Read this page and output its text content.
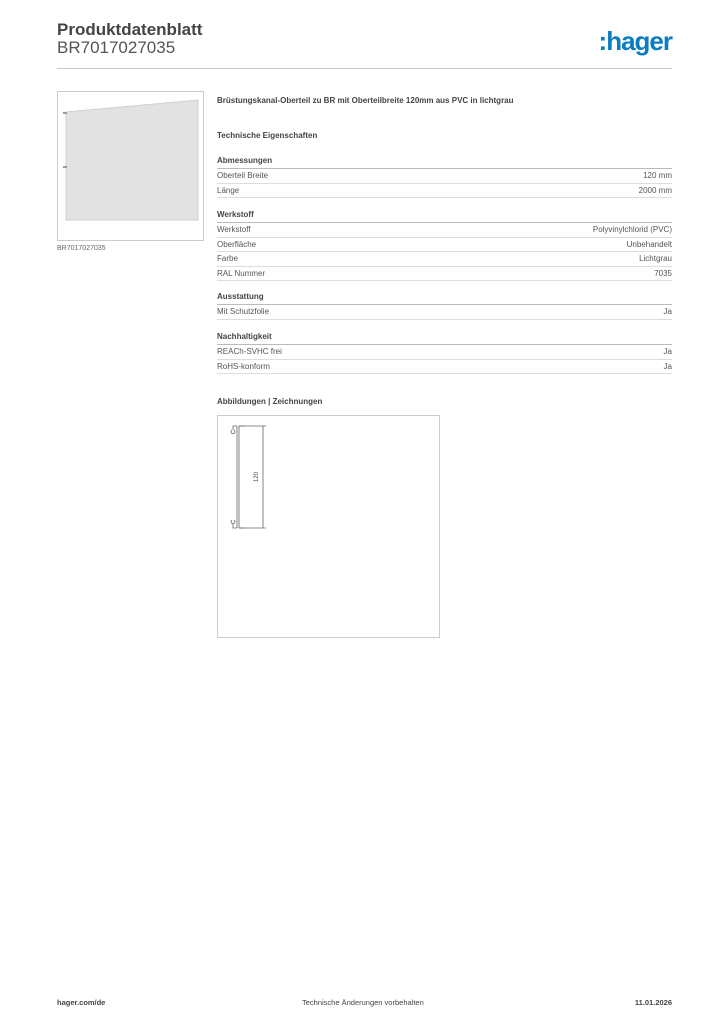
Produktdatenblatt
BR7017027035	:hager
BR7017027035
Brüstungskanal-Oberteil zu BR mit Oberteilbreite 120mm aus PVC in lichtgrau
Technische Eigenschaften
Abmessungen
Oberteil Breite	120 mm
Länge	2000 mm
Werkstoff
Werkstoff	Polyvinylchlorid (PVC)
Oberfläche	Unbehandelt
Farbe	Lichtgrau
RAL Nummer	7035
Ausstattung
Mit Schutzfolie	Ja
Nachhaltigkeit
REACh-SVHC frei	Ja
RoHS-konform	Ja
Abbildungen | Zeichnungen
120
hager.com/de	Technische Änderungen vorbehalten	11.01.2026
